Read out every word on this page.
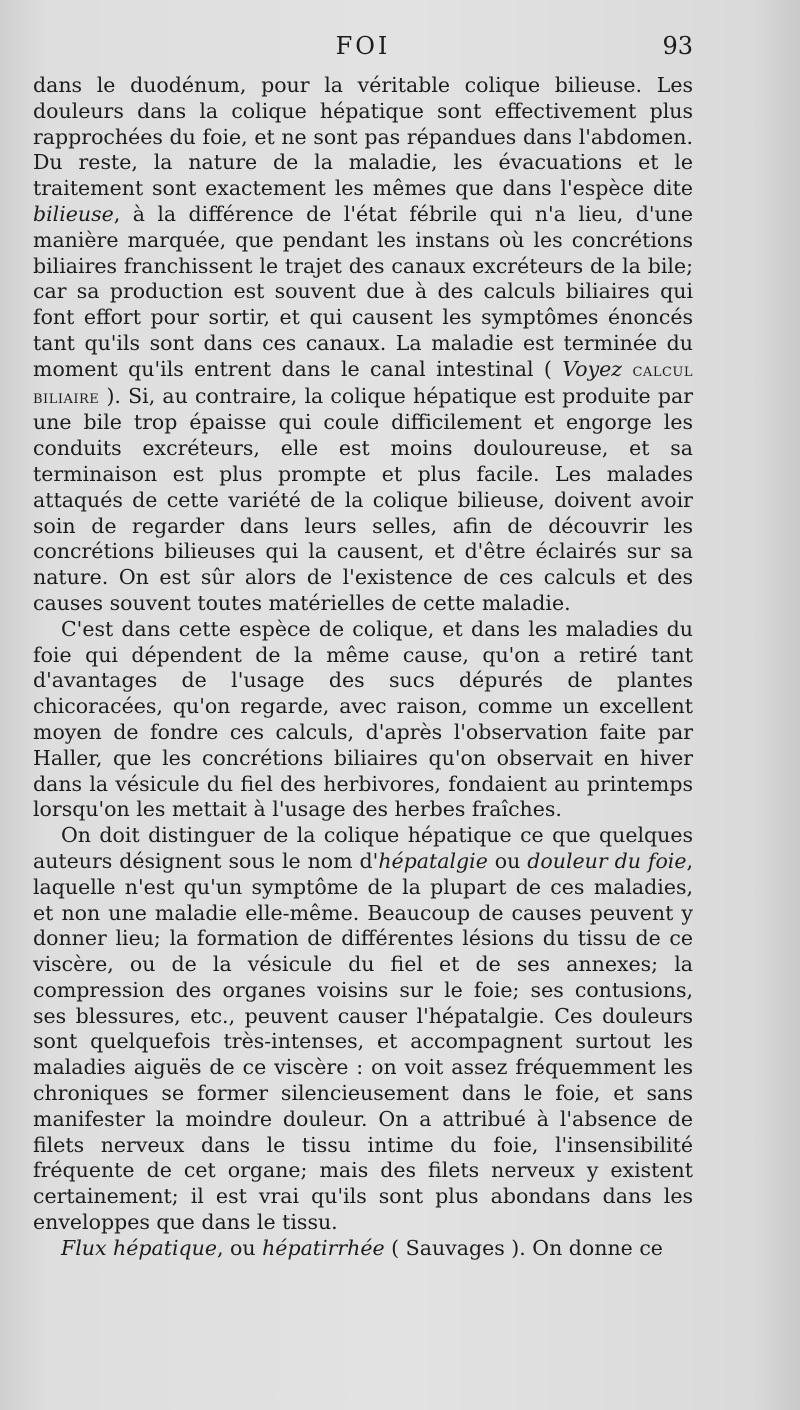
FOI	93

dans le duodénum, pour la véritable colique bilieuse. Les douleurs dans la colique hépatique sont effectivement plus rapprochées du foie, et ne sont pas répandues dans l'abdomen. Du reste, la nature de la maladie, les évacuations et le traitement sont exactement les mêmes que dans l'espèce dite bilieuse, à la différence de l'état fébrile qui n'a lieu, d'une manière marquée, que pendant les instans où les concrétions biliaires franchissent le trajet des canaux excréteurs de la bile; car sa production est souvent due à des calculs biliaires qui font effort pour sortir, et qui causent les symptômes énoncés tant qu'ils sont dans ces canaux. La maladie est terminée du moment qu'ils entrent dans le canal intestinal ( Voyez calcul biliaire ). Si, au contraire, la colique hépatique est produite par une bile trop épaisse qui coule difficilement et engorge les conduits excréteurs, elle est moins douloureuse, et sa terminaison est plus prompte et plus facile. Les malades attaqués de cette variété de la colique bilieuse, doivent avoir soin de regarder dans leurs selles, afin de découvrir les concrétions bilieuses qui la causent, et d'être éclairés sur sa nature. On est sûr alors de l'existence de ces calculs et des causes souvent toutes matérielles de cette maladie.

C'est dans cette espèce de colique, et dans les maladies du foie qui dépendent de la même cause, qu'on a retiré tant d'avantages de l'usage des sucs dépurés de plantes chicoracées, qu'on regarde, avec raison, comme un excellent moyen de fondre ces calculs, d'après l'observation faite par Haller, que les concrétions biliaires qu'on observait en hiver dans la vésicule du fiel des herbivores, fondaient au printemps lorsqu'on les mettait à l'usage des herbes fraîches.

On doit distinguer de la colique hépatique ce que quelques auteurs désignent sous le nom d'hépatalgie ou douleur du foie, laquelle n'est qu'un symptôme de la plupart de ces maladies, et non une maladie elle-même. Beaucoup de causes peuvent y donner lieu; la formation de différentes lésions du tissu de ce viscère, ou de la vésicule du fiel et de ses annexes; la compression des organes voisins sur le foie; ses contusions, ses blessures, etc., peuvent causer l'hépatalgie. Ces douleurs sont quelquefois très-intenses, et accompagnent surtout les maladies aiguës de ce viscère : on voit assez fréquemment les chroniques se former silencieusement dans le foie, et sans manifester la moindre douleur. On a attribué à l'absence de filets nerveux dans le tissu intime du foie, l'insensibilité fréquente de cet organe; mais des filets nerveux y existent certainement; il est vrai qu'ils sont plus abondans dans les enveloppes que dans le tissu.

Flux hépatique, ou hépatirrhée ( Sauvages ). On donne ce
